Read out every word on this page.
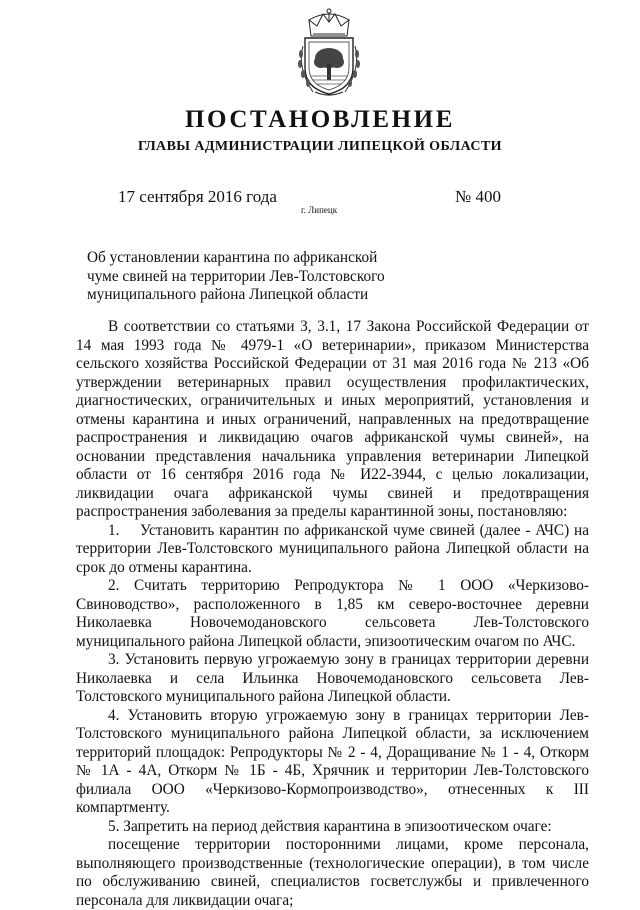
ПОСТАНОВЛЕНИЕ
ГЛАВЫ АДМИНИСТРАЦИИ ЛИПЕЦКОЙ ОБЛАСТИ
17 сентября 2016 года
г. Липецк
№ 400
Об установлении карантина по африканской чуме свиней на территории Лев-Толстовского муниципального района Липецкой области

В соответствии со статьями 3, 3.1, 17 Закона Российской Федерации от 14 мая 1993 года № 4979-1 «О ветеринарии», приказом Министерства сельского хозяйства Российской Федерации от 31 мая 2016 года № 213 «Об утверждении ветеринарных правил осуществления профилактических, диагностических, ограничительных и иных мероприятий, установления и отмены карантина и иных ограничений, направленных на предотвращение распространения и ликвидацию очагов африканской чумы свиней», на основании представления начальника управления ветеринарии Липецкой области от 16 сентября 2016 года № И22-3944, с целью локализации, ликвидации очага африканской чумы свиней и предотвращения распространения заболевания за пределы карантинной зоны, постановляю:

1. Установить карантин по африканской чуме свиней (далее - АЧС) на территории Лев-Толстовского муниципального района Липецкой области на срок до отмены карантина.

2. Считать территорию Репродуктора № 1 ООО «Черкизово-Свиноводство», расположенного в 1,85 км северо-восточнее деревни Николаевка Новочемодановского сельсовета Лев-Толстовского муниципального района Липецкой области, эпизоотическим очагом по АЧС.

3. Установить первую угрожаемую зону в границах территории деревни Николаевка и села Ильинка Новочемодановского сельсовета Лев-Толстовского муниципального района Липецкой области.

4. Установить вторую угрожаемую зону в границах территории Лев-Толстовского муниципального района Липецкой области, за исключением территорий площадок: Репродукторы № 2 - 4, Доращивание № 1 - 4, Откорм № 1А - 4А, Откорм № 1Б - 4Б, Хрячник и территории Лев-Толстовского филиала ООО «Черкизово-Кормопроизводство», отнесенных к III компартменту.

5. Запретить на период действия карантина в эпизоотическом очаге:

посещение территории посторонними лицами, кроме персонала, выполняющего производственные (технологические операции), в том числе по обслуживанию свиней, специалистов госветслужбы и привлеченного персонала для ликвидации очага;
